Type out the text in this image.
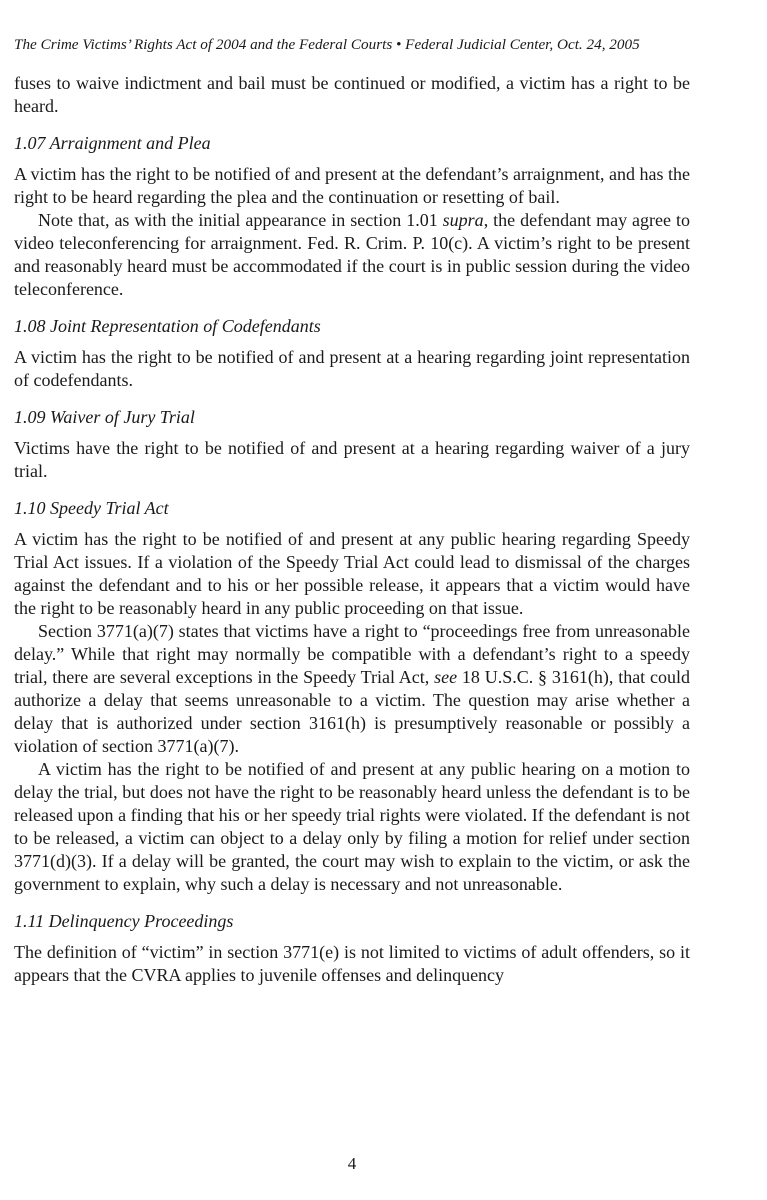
The Crime Victims’ Rights Act of 2004 and the Federal Courts • Federal Judicial Center, Oct. 24, 2005

fuses to waive indictment and bail must be continued or modified, a victim has a right to be heard.

1.07 Arraignment and Plea

A victim has the right to be notified of and present at the defendant’s arraignment, and has the right to be heard regarding the plea and the continuation or resetting of bail.

Note that, as with the initial appearance in section 1.01 supra, the defendant may agree to video teleconferencing for arraignment. Fed. R. Crim. P. 10(c). A victim’s right to be present and reasonably heard must be accommodated if the court is in public session during the video teleconference.

1.08 Joint Representation of Codefendants

A victim has the right to be notified of and present at a hearing regarding joint representation of codefendants.

1.09 Waiver of Jury Trial

Victims have the right to be notified of and present at a hearing regarding waiver of a jury trial.

1.10 Speedy Trial Act

A victim has the right to be notified of and present at any public hearing regarding Speedy Trial Act issues. If a violation of the Speedy Trial Act could lead to dismissal of the charges against the defendant and to his or her possible release, it appears that a victim would have the right to be reasonably heard in any public proceeding on that issue.

Section 3771(a)(7) states that victims have a right to “proceedings free from unreasonable delay.” While that right may normally be compatible with a defendant’s right to a speedy trial, there are several exceptions in the Speedy Trial Act, see 18 U.S.C. § 3161(h), that could authorize a delay that seems unreasonable to a victim. The question may arise whether a delay that is authorized under section 3161(h) is presumptively reasonable or possibly a violation of section 3771(a)(7).

A victim has the right to be notified of and present at any public hearing on a motion to delay the trial, but does not have the right to be reasonably heard unless the defendant is to be released upon a finding that his or her speedy trial rights were violated. If the defendant is not to be released, a victim can object to a delay only by filing a motion for relief under section 3771(d)(3). If a delay will be granted, the court may wish to explain to the victim, or ask the government to explain, why such a delay is necessary and not unreasonable.

1.11 Delinquency Proceedings

The definition of “victim” in section 3771(e) is not limited to victims of adult offenders, so it appears that the CVRA applies to juvenile offenses and delinquency

4
